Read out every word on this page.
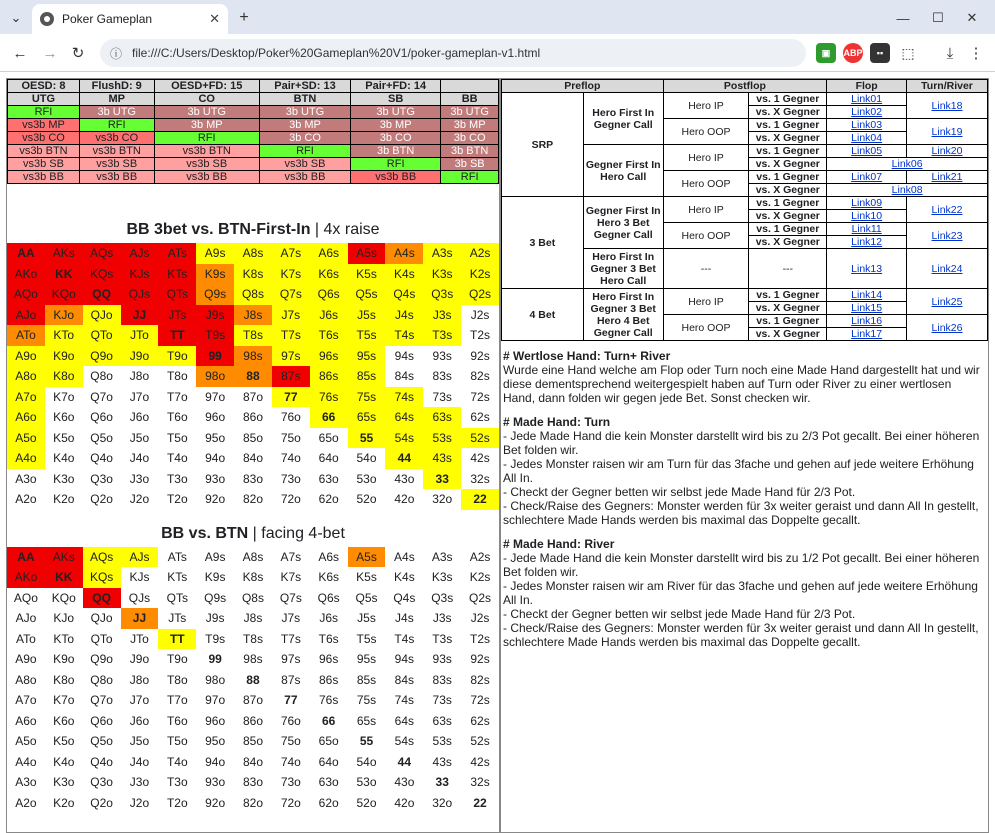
⌄	Poker Gameplan	✕	+	—	☐	✕
← → ↻	ⓘ file:///C:/Users/Desktop/Poker%20Gameplan%20V1/poker-gameplan-v1.html	▣	ABP	▪▪	⬚	⤓	⋮
OESD: 8	FlushD: 9	OESD+FD: 15	Pair+SD: 13	Pair+FD: 14	
UTG	MP	CO	BTN	SB	BB
RFI	3b UTG	3b UTG	3b UTG	3b UTG	3b UTG
vs3b MP	RFI	3b MP	3b MP	3b MP	3b MP
vs3b CO	vs3b CO	RFI	3b CO	3b CO	3b CO
vs3b BTN	vs3b BTN	vs3b BTN	RFI	3b BTN	3b BTN
vs3b SB	vs3b SB	vs3b SB	vs3b SB	RFI	3b SB
vs3b BB	vs3b BB	vs3b BB	vs3b BB	vs3b BB	RFI
BB 3bet vs. BTN-First-In | 4x raise
AA	AKs	AQs	AJs	ATs	A9s	A8s	A7s	A6s	A5s	A4s	A3s	A2s
AKo	KK	KQs	KJs	KTs	K9s	K8s	K7s	K6s	K5s	K4s	K3s	K2s
AQo	KQo	QQ	QJs	QTs	Q9s	Q8s	Q7s	Q6s	Q5s	Q4s	Q3s	Q2s
AJo	KJo	QJo	JJ	JTs	J9s	J8s	J7s	J6s	J5s	J4s	J3s	J2s
ATo	KTo	QTo	JTo	TT	T9s	T8s	T7s	T6s	T5s	T4s	T3s	T2s
A9o	K9o	Q9o	J9o	T9o	99	98s	97s	96s	95s	94s	93s	92s
A8o	K8o	Q8o	J8o	T8o	98o	88	87s	86s	85s	84s	83s	82s
A7o	K7o	Q7o	J7o	T7o	97o	87o	77	76s	75s	74s	73s	72s
A6o	K6o	Q6o	J6o	T6o	96o	86o	76o	66	65s	64s	63s	62s
A5o	K5o	Q5o	J5o	T5o	95o	85o	75o	65o	55	54s	53s	52s
A4o	K4o	Q4o	J4o	T4o	94o	84o	74o	64o	54o	44	43s	42s
A3o	K3o	Q3o	J3o	T3o	93o	83o	73o	63o	53o	43o	33	32s
A2o	K2o	Q2o	J2o	T2o	92o	82o	72o	62o	52o	42o	32o	22
BB vs. BTN | facing 4-bet
AA	AKs	AQs	AJs	ATs	A9s	A8s	A7s	A6s	A5s	A4s	A3s	A2s
AKo	KK	KQs	KJs	KTs	K9s	K8s	K7s	K6s	K5s	K4s	K3s	K2s
AQo	KQo	QQ	QJs	QTs	Q9s	Q8s	Q7s	Q6s	Q5s	Q4s	Q3s	Q2s
AJo	KJo	QJo	JJ	JTs	J9s	J8s	J7s	J6s	J5s	J4s	J3s	J2s
ATo	KTo	QTo	JTo	TT	T9s	T8s	T7s	T6s	T5s	T4s	T3s	T2s
A9o	K9o	Q9o	J9o	T9o	99	98s	97s	96s	95s	94s	93s	92s
A8o	K8o	Q8o	J8o	T8o	98o	88	87s	86s	85s	84s	83s	82s
A7o	K7o	Q7o	J7o	T7o	97o	87o	77	76s	75s	74s	73s	72s
A6o	K6o	Q6o	J6o	T6o	96o	86o	76o	66	65s	64s	63s	62s
A5o	K5o	Q5o	J5o	T5o	95o	85o	75o	65o	55	54s	53s	52s
A4o	K4o	Q4o	J4o	T4o	94o	84o	74o	64o	54o	44	43s	42s
A3o	K3o	Q3o	J3o	T3o	93o	83o	73o	63o	53o	43o	33	32s
A2o	K2o	Q2o	J2o	T2o	92o	82o	72o	62o	52o	42o	32o	22
Preflop		Postflop		Flop	Turn/River
SRP	Hero First In Gegner Call	Hero IP	vs. 1 Gegner	Link01	Link18
			vs. X Gegner	Link02	
		Hero OOP	vs. 1 Gegner	Link03	Link19
			vs. X Gegner	Link04	
	Gegner First In Hero Call	Hero IP	vs. 1 Gegner	Link05	Link20
			vs. X Gegner	Link06	
		Hero OOP	vs. 1 Gegner	Link07	Link21
			vs. X Gegner	Link08	
3 Bet	Gegner First In Hero 3 Bet Gegner Call	Hero IP	vs. 1 Gegner	Link09	Link22
			vs. X Gegner	Link10	
		Hero OOP	vs. 1 Gegner	Link11	Link23
			vs. X Gegner	Link12	
	Hero First In Gegner 3 Bet Hero Call	---	---	Link13	Link24

4 Bet	Hero First In Gegner 3 Bet Hero 4 Bet Gegner Call	Hero IP	vs. 1 Gegner	Link14	Link25
			vs. X Gegner	Link15	
		Hero OOP	vs. 1 Gegner	Link16	Link26
			vs. X Gegner	Link17	
# Wertlose Hand: Turn+ River
Wurde eine Hand welche am Flop oder Turn noch eine Made Hand dargestellt hat und wir diese dementsprechend weitergespielt haben auf Turn oder River zu einer wertlosen Hand, dann folden wir gegen jede Bet. Sonst checken wir.
# Made Hand: Turn
- Jede Made Hand die kein Monster darstellt wird bis zu 2/3 Pot gecallt. Bei einer höheren Bet folden wir.
- Jedes Monster raisen wir am Turn für das 3fache und gehen auf jede weitere Erhöhung All In.
- Checkt der Gegner betten wir selbst jede Made Hand für 2/3 Pot.
- Check/Raise des Gegners: Monster werden für 3x weiter geraist und dann All In gestellt, schlechtere Made Hands werden bis maximal das Doppelte gecallt.
# Made Hand: River
- Jede Made Hand die kein Monster darstellt wird bis zu 1/2 Pot gecallt. Bei einer höheren Bet folden wir.
- Jedes Monster raisen wir am River für das 3fache und gehen auf jede weitere Erhöhung All In.
- Checkt der Gegner betten wir selbst jede Made Hand für 2/3 Pot.
- Check/Raise des Gegners: Monster werden für 3x weiter geraist und dann All In gestellt, schlechtere Made Hands werden bis maximal das Doppelte gecallt.
